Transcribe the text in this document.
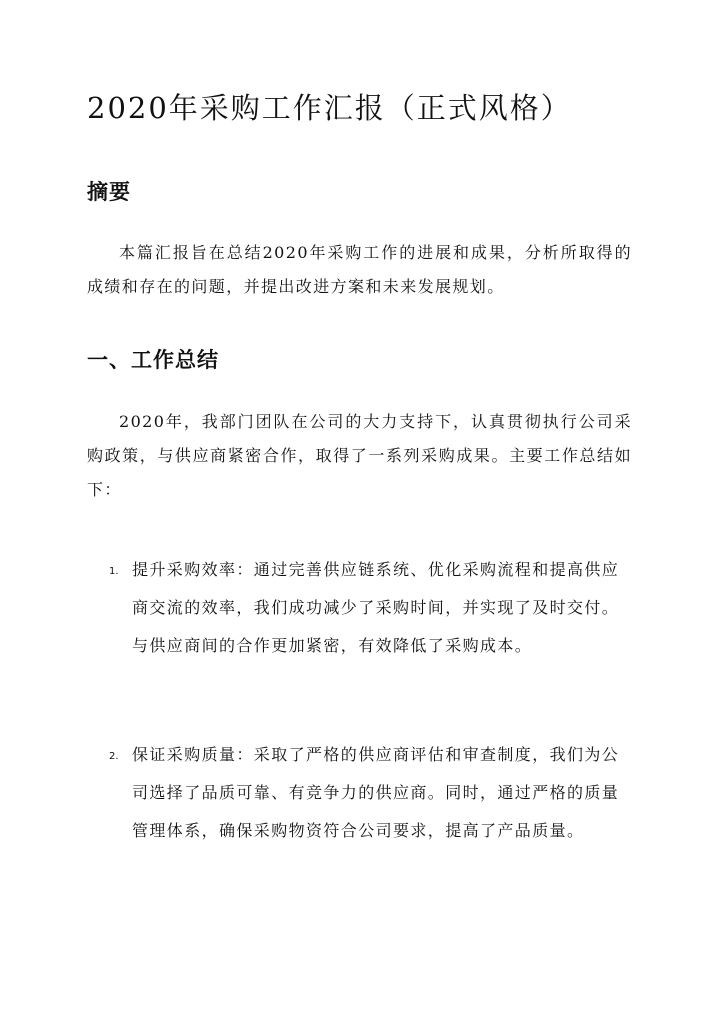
2020年采购工作汇报（正式风格）
摘要

本篇汇报旨在总结2020年采购工作的进展和成果，分析所取得的成绩和存在的问题，并提出改进方案和未来发展规划。

一、工作总结

2020年，我部门团队在公司的大力支持下，认真贯彻执行公司采购政策，与供应商紧密合作，取得了一系列采购成果。主要工作总结如下：

1. 提升采购效率：通过完善供应链系统、优化采购流程和提高供应商交流的效率，我们成功减少了采购时间，并实现了及时交付。与供应商间的合作更加紧密，有效降低了采购成本。

2. 保证采购质量：采取了严格的供应商评估和审查制度，我们为公司选择了品质可靠、有竞争力的供应商。同时，通过严格的质量管理体系，确保采购物资符合公司要求，提高了产品质量。
